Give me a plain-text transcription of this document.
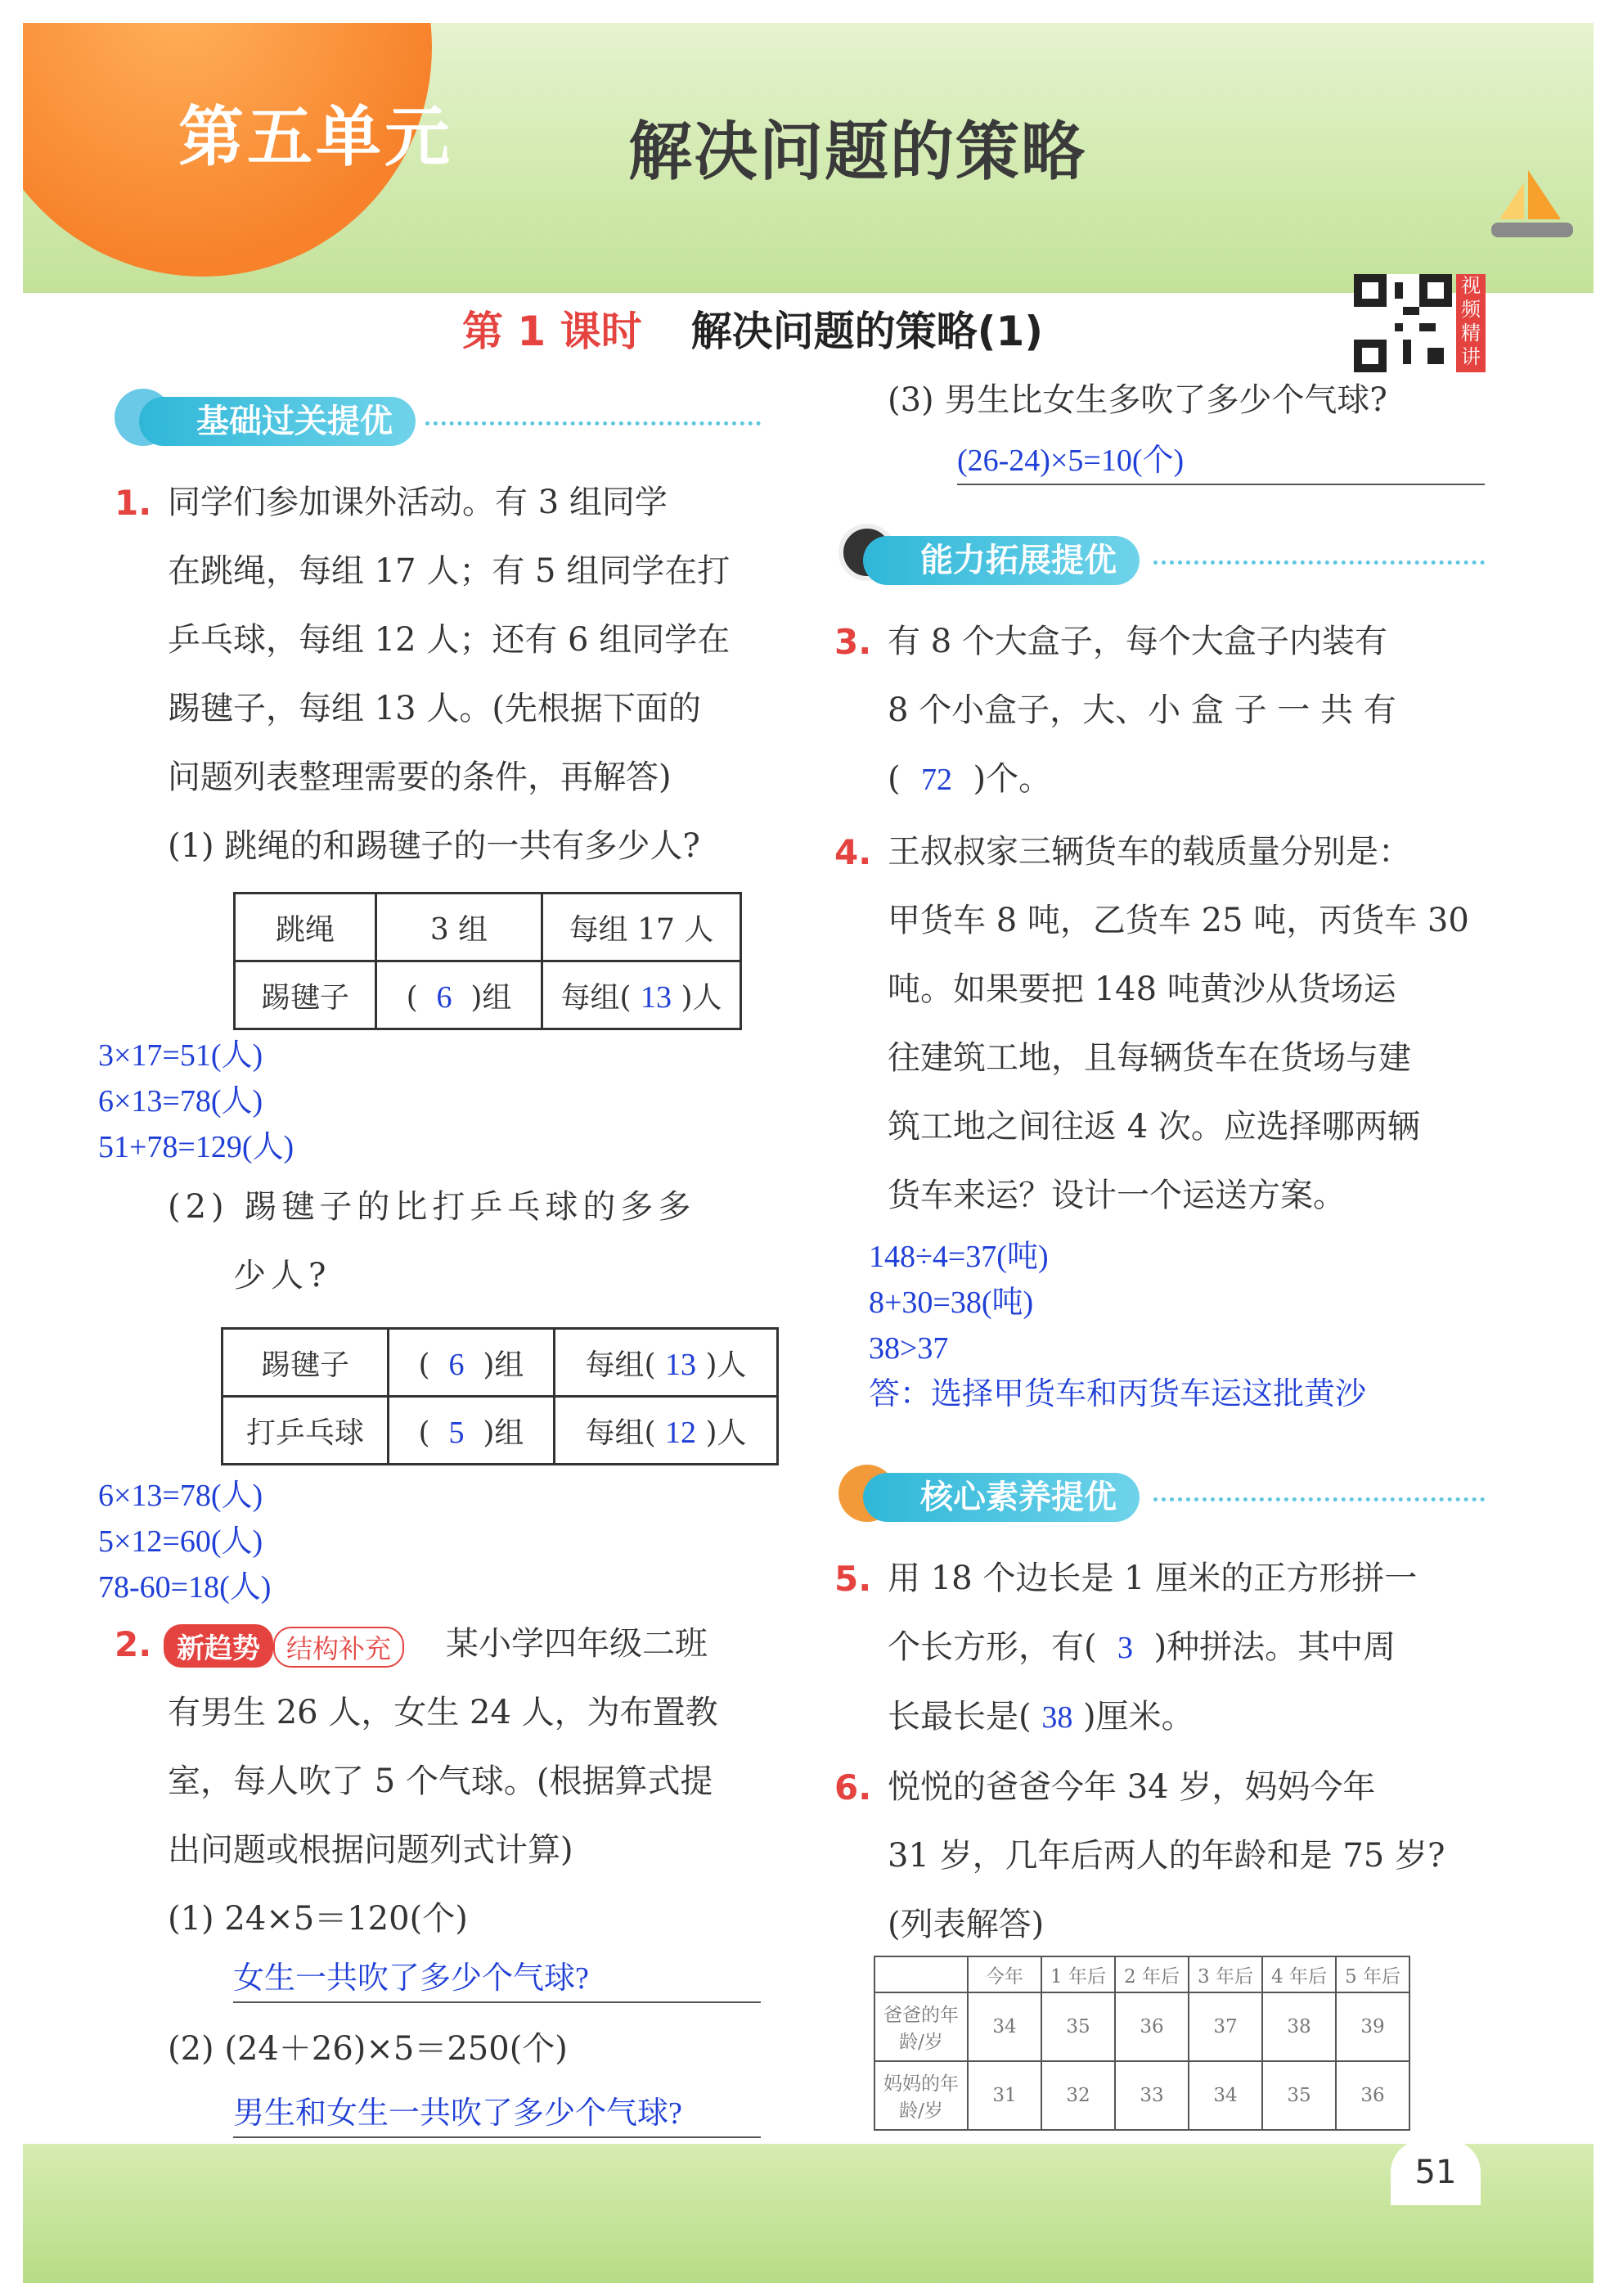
第五单元	解决问题的策略
第 1 课时 解决问题的策略(1)
视频精讲
基础过关提优
1. 同学们参加课外活动。有 3 组同学
在跳绳，每组 17 人；有 5 组同学在打
乒乓球，每组 12 人；还有 6 组同学在
踢毽子，每组 13 人。(先根据下面的
问题列表整理需要的条件，再解答)
(1) 跳绳的和踢毽子的一共有多少人?
跳绳	3 组	每组 17 人
踢毽子	( 6 )组	每组( 13 )人
3×17=51(人)
6×13=78(人)
51+78=129(人)
(2) 踢毽子的比打乒乓球的多多
少人?
踢毽子	(  6  )组	每组( 13 )人
打乒乓球	(  5  )组	每组( 12 )人
6×13=78(人)
5×12=60(人)
78-60=18(人)
2. 新趋势 结构补充	某小学四年级二班
有男生 26 人，女生 24 人，为布置教
室，每人吹了 5 个气球。(根据算式提
出问题或根据问题列式计算)
(1) 24×5＝120(个)
女生一共吹了多少个气球?
(2) (24＋26)×5＝250(个)
男生和女生一共吹了多少个气球?
(3) 男生比女生多吹了多少个气球?
(26-24)×5=10(个)
能力拓展提优
3. 有 8 个大盒子，每个大盒子内装有
8 个小盒子，大、小 盒 子 一 共 有
( 72 )个。
4. 王叔叔家三辆货车的载质量分别是：
甲货车 8 吨，乙货车 25 吨，丙货车 30
吨。如果要把 148 吨黄沙从货场运
往建筑工地，且每辆货车在货场与建
筑工地之间往返 4 次。应选择哪两辆
货车来运？设计一个运送方案。
148÷4=37(吨)
8+30=38(吨)
38>37
答：选择甲货车和丙货车运这批黄沙
核心素养提优
5. 用 18 个边长是 1 厘米的正方形拼一
个长方形，有( 3 )种拼法。其中周
长最长是( 38 )厘米。
6. 悦悦的爸爸今年 34 岁，妈妈今年
31 岁，几年后两人的年龄和是 75 岁?
(列表解答)
	今年	1 年后	2 年后	3 年后	4 年后	5 年后
爸爸的年龄/岁	34	35	36	37	38	39
妈妈的年龄/岁	31	32	33	34	35	36
51
